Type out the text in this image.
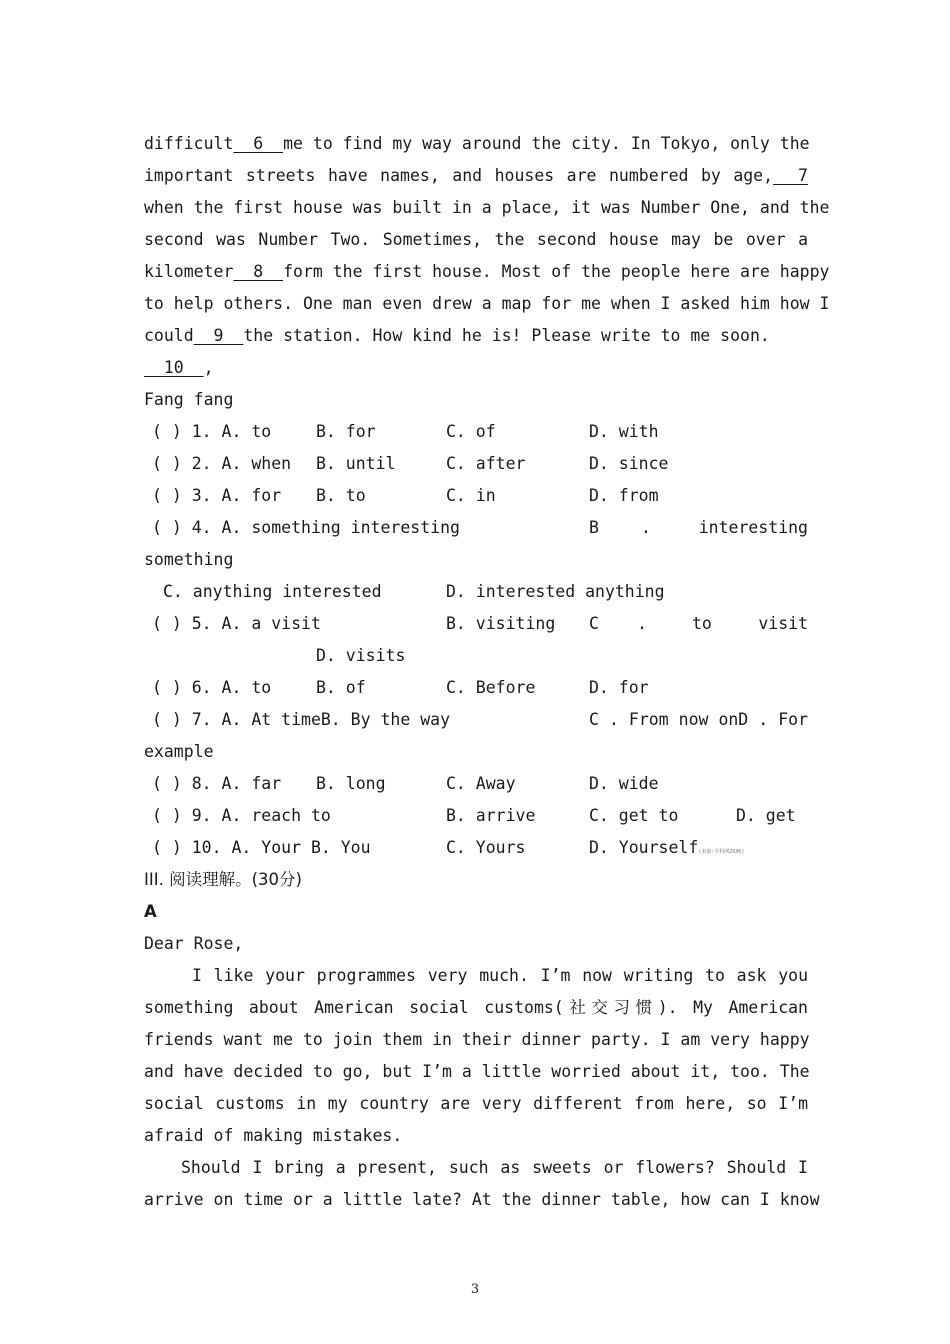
difficult  6  me to find my way around the city. In Tokyo, only the
important streets have names, and houses are numbered by age,  7
when the first house was built in a place, it was Number One, and the
second was Number Two. Sometimes, the second house may be over a
kilometer  8  form the first house. Most of the people here are happy
to help others. One man even drew a map for me when I asked him how I
could  9  the station. How kind he is! Please write to me soon.
10  ,
Fang fang
( ) 1. A. to	B. for	C. of	D. with
( ) 2. A. when B. until	C. after	D. since
( ) 3. A. for B. to	C. in	D. from
( ) 4. A. something interesting	B	.	interesting
something
C. anything interested	D. interested anything
( ) 5. A. a visit	B. visiting C .	to	visit
D. visits
( ) 6. A. to	B. of	C. Before	D. for
( ) 7. A. At timeB. By the way	C . From now onD . For
example
( ) 8. A. far B. long	C. Away	D. wide
( ) 9. A. reach to	B. arrive	C. get to	D. get
( ) 10. A. Your B. You	C. Yours	D. Yourself(来源:学科网ZXXK)
III. 阅读理解。(30分)
A
Dear Rose,
I like your programmes very much. I’m now writing to ask you
something about American social customs(社交习惯). My American
friends want me to join them in their dinner party. I am very happy
and have decided to go, but I’m a little worried about it, too. The
social customs in my country are very different from here, so I’m
afraid of making mistakes.
Should I bring a present, such as sweets or flowers? Should I
arrive on time or a little late? At the dinner table, how can I know
3
